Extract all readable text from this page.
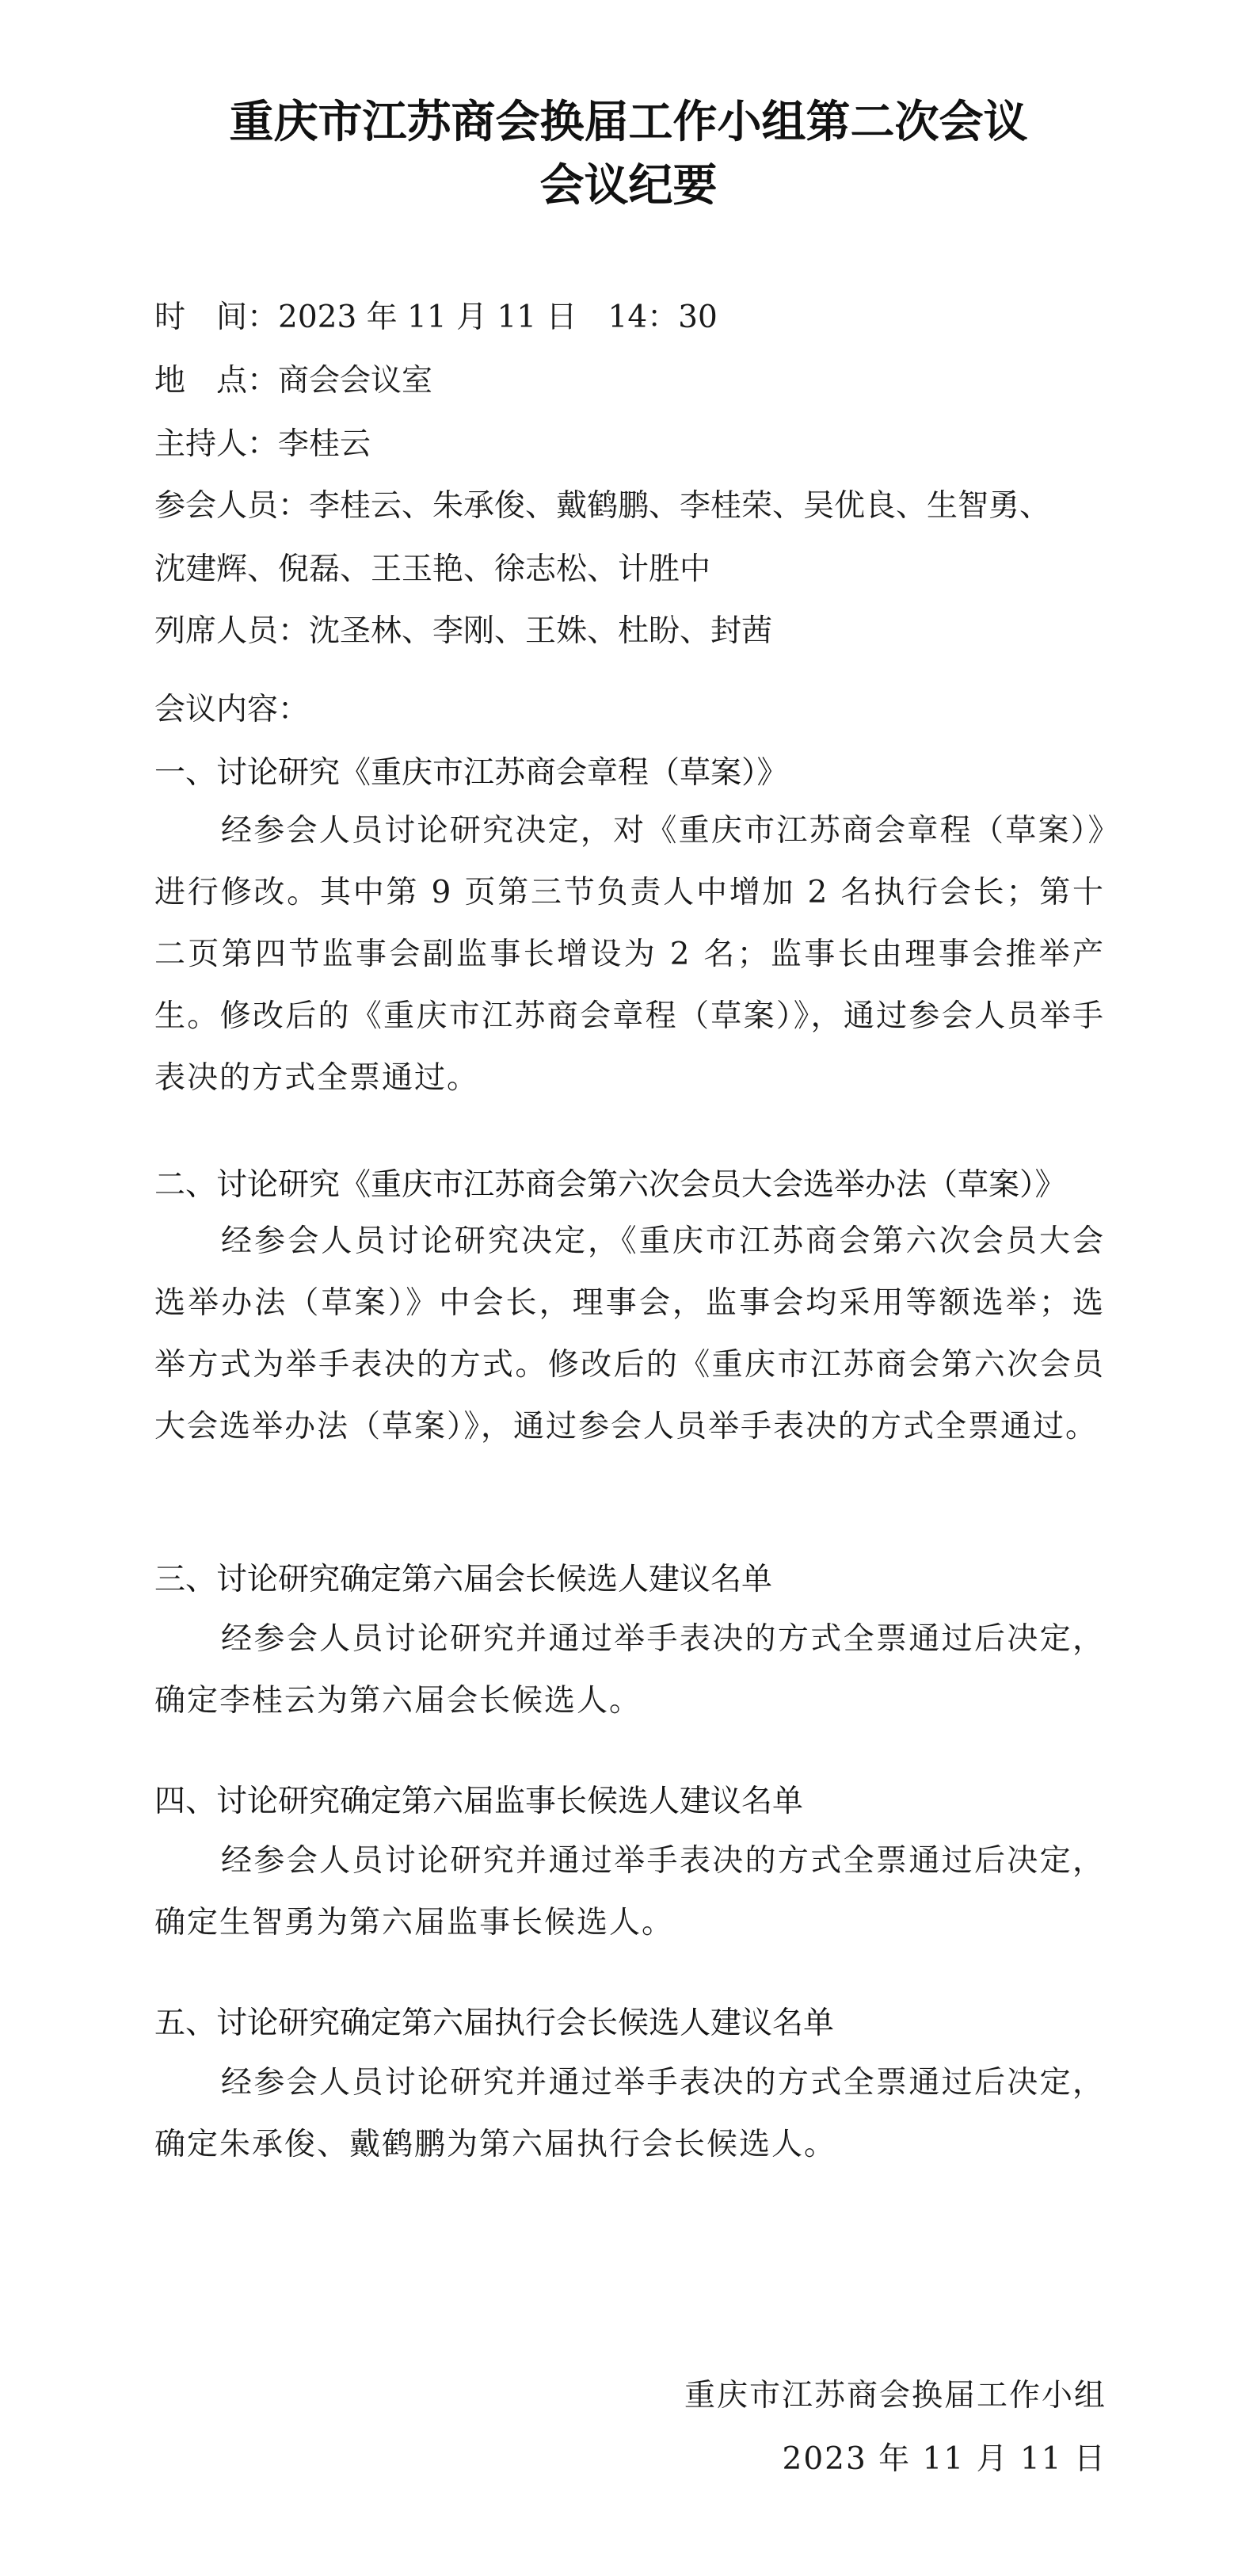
重庆市江苏商会换届工作小组第二次会议
会议纪要
时　间：2023 年 11 月 11 日　14：30
地　点：商会会议室
主持人：李桂云
参会人员：李桂云、朱承俊、戴鹤鹏、李桂荣、吴优良、生智勇、
沈建辉、倪磊、王玉艳、徐志松、计胜中
列席人员：沈圣林、李刚、王姝、杜盼、封茜
会议内容：
一、讨论研究《重庆市江苏商会章程（草案）》
经参会人员讨论研究决定，对《重庆市江苏商会章程（草案）》进行修改。其中第 9 页第三节负责人中增加 2 名执行会长；第十二页第四节监事会副监事长增设为 2 名；监事长由理事会推举产生。修改后的《重庆市江苏商会章程（草案）》，通过参会人员举手表决的方式全票通过。
二、讨论研究《重庆市江苏商会第六次会员大会选举办法（草案）》
经参会人员讨论研究决定，《重庆市江苏商会第六次会员大会选举办法（草案）》中会长，理事会，监事会均采用等额选举；选举方式为举手表决的方式。修改后的《重庆市江苏商会第六次会员大会选举办法（草案）》，通过参会人员举手表决的方式全票通过。
三、讨论研究确定第六届会长候选人建议名单
经参会人员讨论研究并通过举手表决的方式全票通过后决定，确定李桂云为第六届会长候选人。
四、讨论研究确定第六届监事长候选人建议名单
经参会人员讨论研究并通过举手表决的方式全票通过后决定，确定生智勇为第六届监事长候选人。
五、讨论研究确定第六届执行会长候选人建议名单
经参会人员讨论研究并通过举手表决的方式全票通过后决定，确定朱承俊、戴鹤鹏为第六届执行会长候选人。
重庆市江苏商会换届工作小组
2023 年 11 月 11 日
